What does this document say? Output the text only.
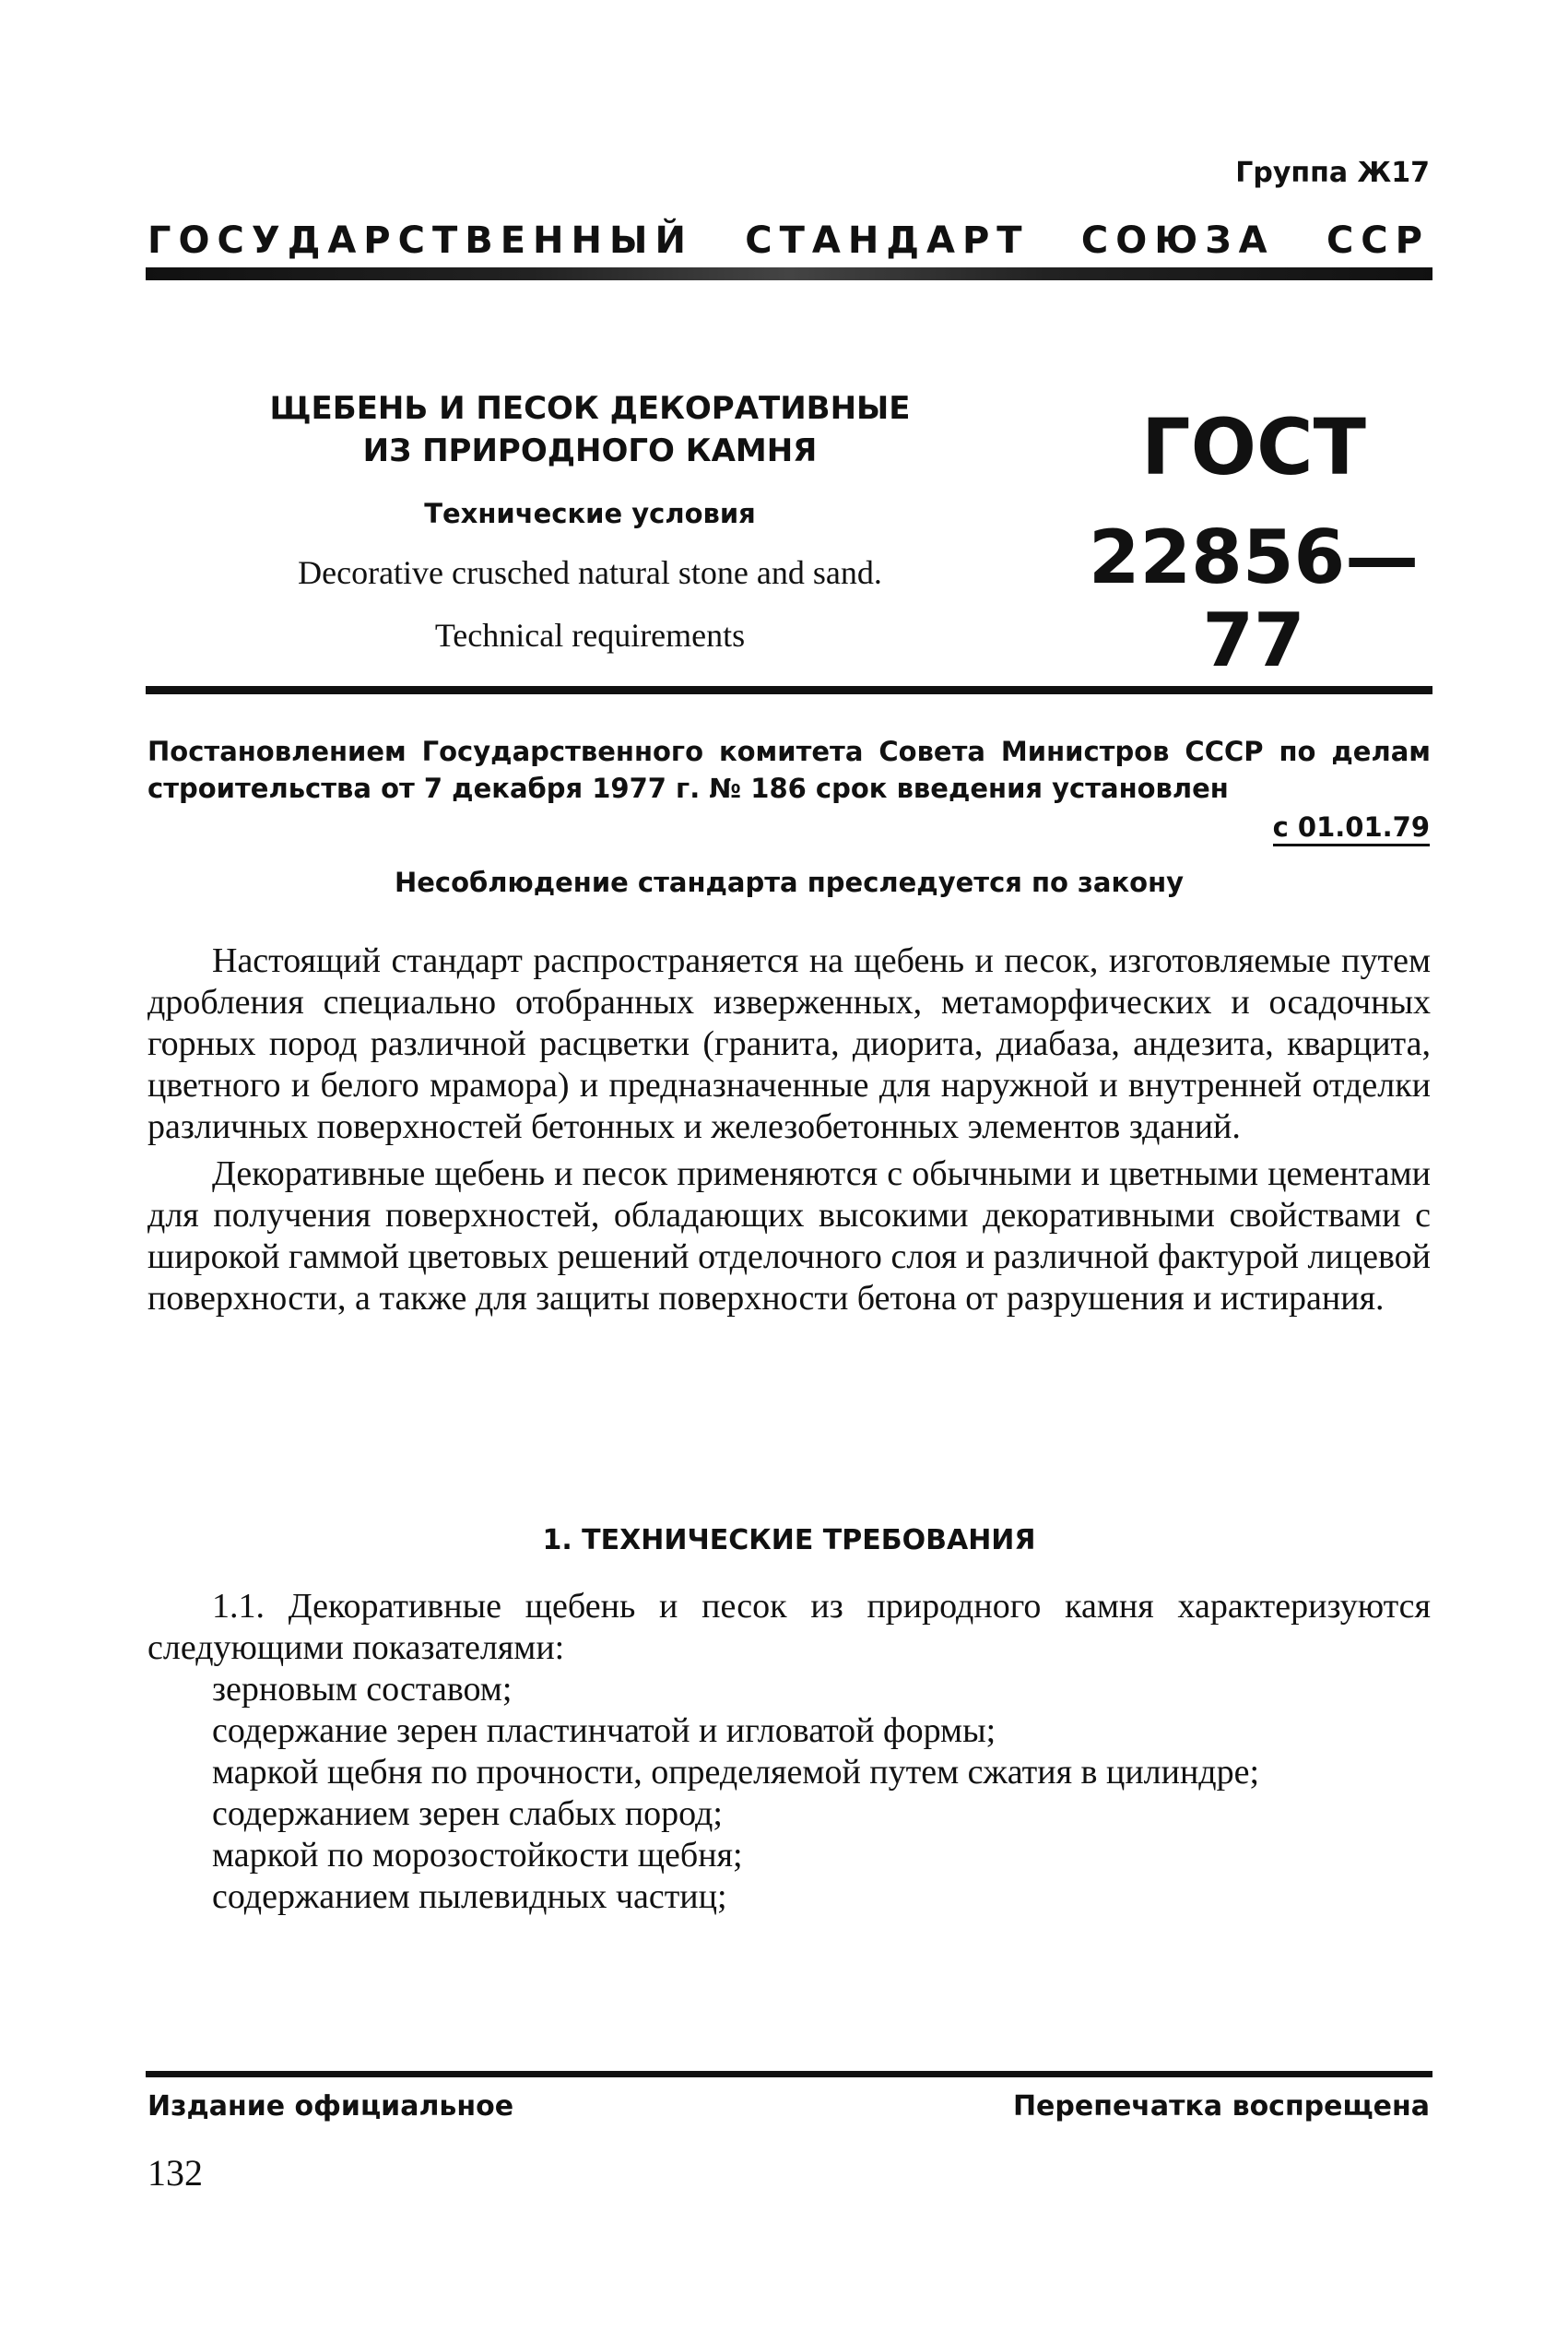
Группа Ж17
ГОСУДАРСТВЕННЫЙ СТАНДАРТ СОЮЗА ССР
ЩЕБЕНЬ И ПЕСОК ДЕКОРАТИВНЫЕ
ИЗ ПРИРОДНОГО КАМНЯ
Технические условия
Decorative crusched natural stone and sand.
Technical requirements
ГОСТ
22856—77
Постановлением Государственного комитета Совета Министров СССР по делам строительства от 7 декабря 1977 г. № 186 срок введения установлен
с 01.01.79
Несоблюдение стандарта преследуется по закону

Настоящий стандарт распространяется на щебень и песок, изготовляемые путем дробления специально отобранных изверженных, метаморфических и осадочных горных пород различной расцветки (гранита, диорита, диабаза, андезита, кварцита, цветного и белого мрамора) и предназначенные для наружной и внутренней отделки различных поверхностей бетонных и железобетонных элементов зданий.

Декоративные щебень и песок применяются с обычными и цветными цементами для получения поверхностей, обладающих высокими декоративными свойствами с широкой гаммой цветовых решений отделочного слоя и различной фактурой лицевой поверхности, а также для защиты поверхности бетона от разрушения и истирания.

1. ТЕХНИЧЕСКИЕ ТРЕБОВАНИЯ

1.1. Декоративные щебень и песок из природного камня характеризуются следующими показателями:

зерновым составом;

содержание зерен пластинчатой и игловатой формы;

маркой щебня по прочности, определяемой путем сжатия в цилиндре;

содержанием зерен слабых пород;

маркой по морозостойкости щебня;

содержанием пылевидных частиц;

Издание официальное	Перепечатка воспрещена
132
